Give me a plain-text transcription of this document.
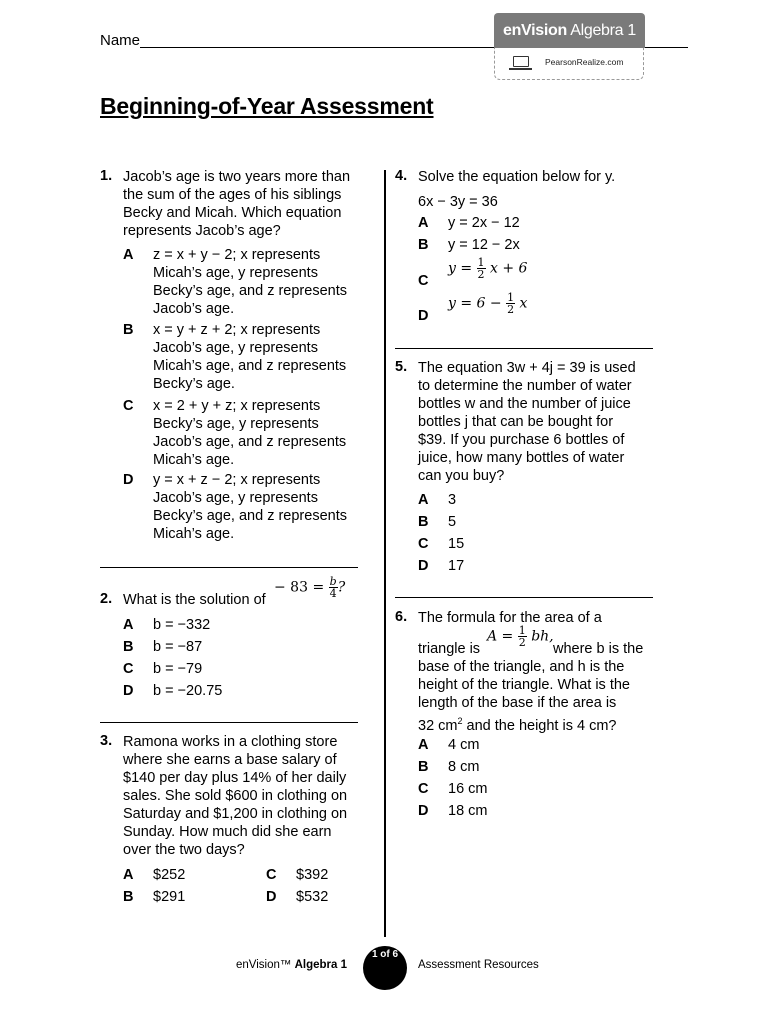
Name
enVision Algebra 1
PearsonRealize.com
Beginning-of-Year Assessment
1. Jacob’s age is two years more than
the sum of the ages of his siblings
Becky and Micah. Which equation
represents Jacob’s age?
A z = x + y − 2; x represents
Micah’s age, y represents
Becky’s age, and z represents
Jacob’s age.
B x = y + z + 2; x represents
Jacob’s age, y represents
Micah’s age, and z represents
Becky’s age.
C x = 2 + y + z; x represents
Becky’s age, y represents
Jacob’s age, and z represents
Micah’s age.
D y = x + z − 2; x represents
Jacob’s age, y represents
Becky’s age, and z represents
Micah’s age.
2. What is the solution of
− $83 = \frac{b}{4}$ ?
A b = −332
B b = −87
C b = −79
D b = −20.75
3. Ramona works in a clothing store
where she earns a base salary of
$140 per day plus 14% of her daily
sales. She sold $600 in clothing on
Saturday and $1,200 in clothing on
Sunday. How much did she earn
over the two days?
A $252
B $291
C $392
D $532
4. Solve the equation below for y.
6x − 3y = 36
A y = 2x − 12
B y = 12 − 2x
C
$y = \frac{1}{2}$ x + 6
D
$y = 6 - \frac{1}{2}$ x
5. The equation 3w + 4j = 39 is used
to determine the number of water
bottles w and the number of juice
bottles j that can be bought for
$39. If you purchase 6 bottles of
juice, how many bottles of water
can you buy?
A 3
B 5
C 15
D 17
6. The formula for the area of a
triangle is
$A = \frac{1}{2}$ bh,
where b is the
base of the triangle, and h is the
height of the triangle. What is the
length of the base if the area is
32 $cm^2$ and the height is 4 cm?
A 4 cm
B 8 cm
C 16 cm
D 18 cm
enVision™ Algebra 1
1 of 6
Assessment Resources
